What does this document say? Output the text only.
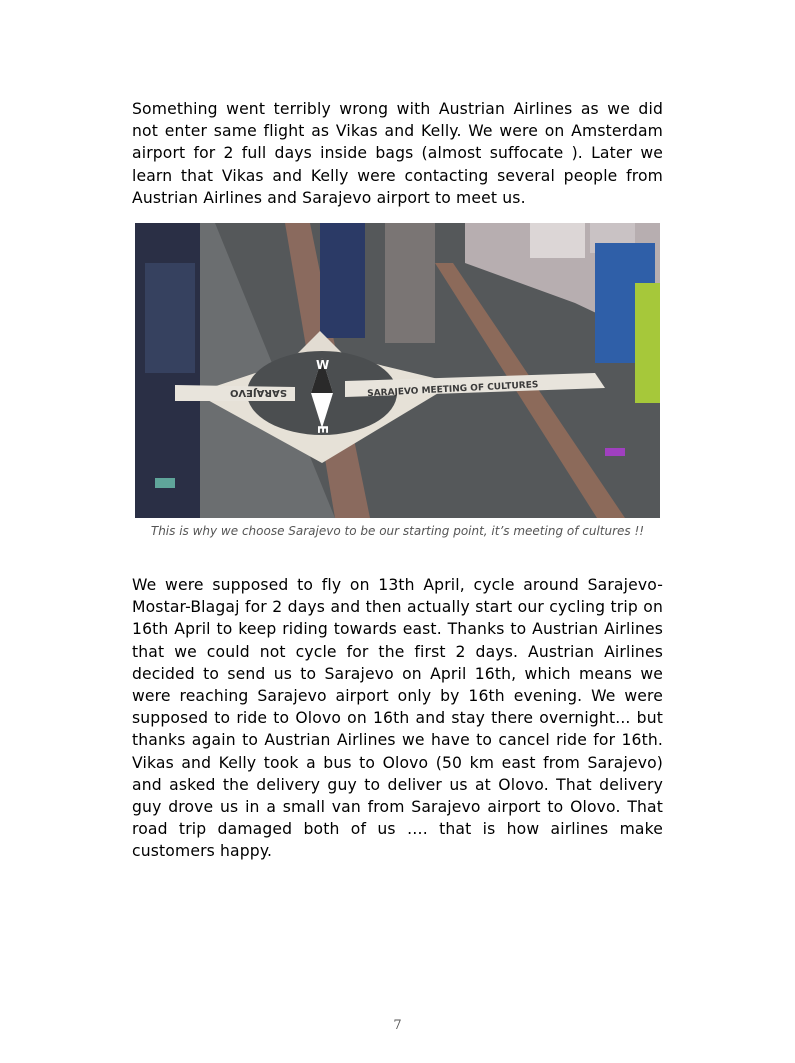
Something went terribly wrong with Austrian Airlines as we did not enter same flight as Vikas and Kelly. We were on Amsterdam airport for 2 full days inside bags (almost suffocate ). Later we learn that Vikas and Kelly were contacting several people from Austrian Airlines and Sarajevo airport to meet us.

SARAJEVO	SARAJEVO MEETING OF CULTURES
W
E
This is why we choose Sarajevo to be our starting point, it’s meeting of cultures !!

We were supposed to fly on 13th April, cycle around Sarajevo-Mostar-Blagaj for 2 days and then actually start our cycling trip on 16th April to keep riding towards east. Thanks to Austrian Airlines that we could not cycle for the first 2 days. Austrian Airlines decided to send us to Sarajevo on April 16th, which means we were reaching Sarajevo airport only by 16th evening. We were supposed to ride to Olovo on 16th and stay there overnight... but thanks again to Austrian Airlines we have to cancel ride for 16th. Vikas and Kelly took a bus to Olovo (50 km east from Sarajevo) and asked the delivery guy to deliver us at Olovo. That delivery guy drove us in a small van from Sarajevo airport to Olovo. That road trip damaged both of us …. that is how airlines make customers happy.

7
